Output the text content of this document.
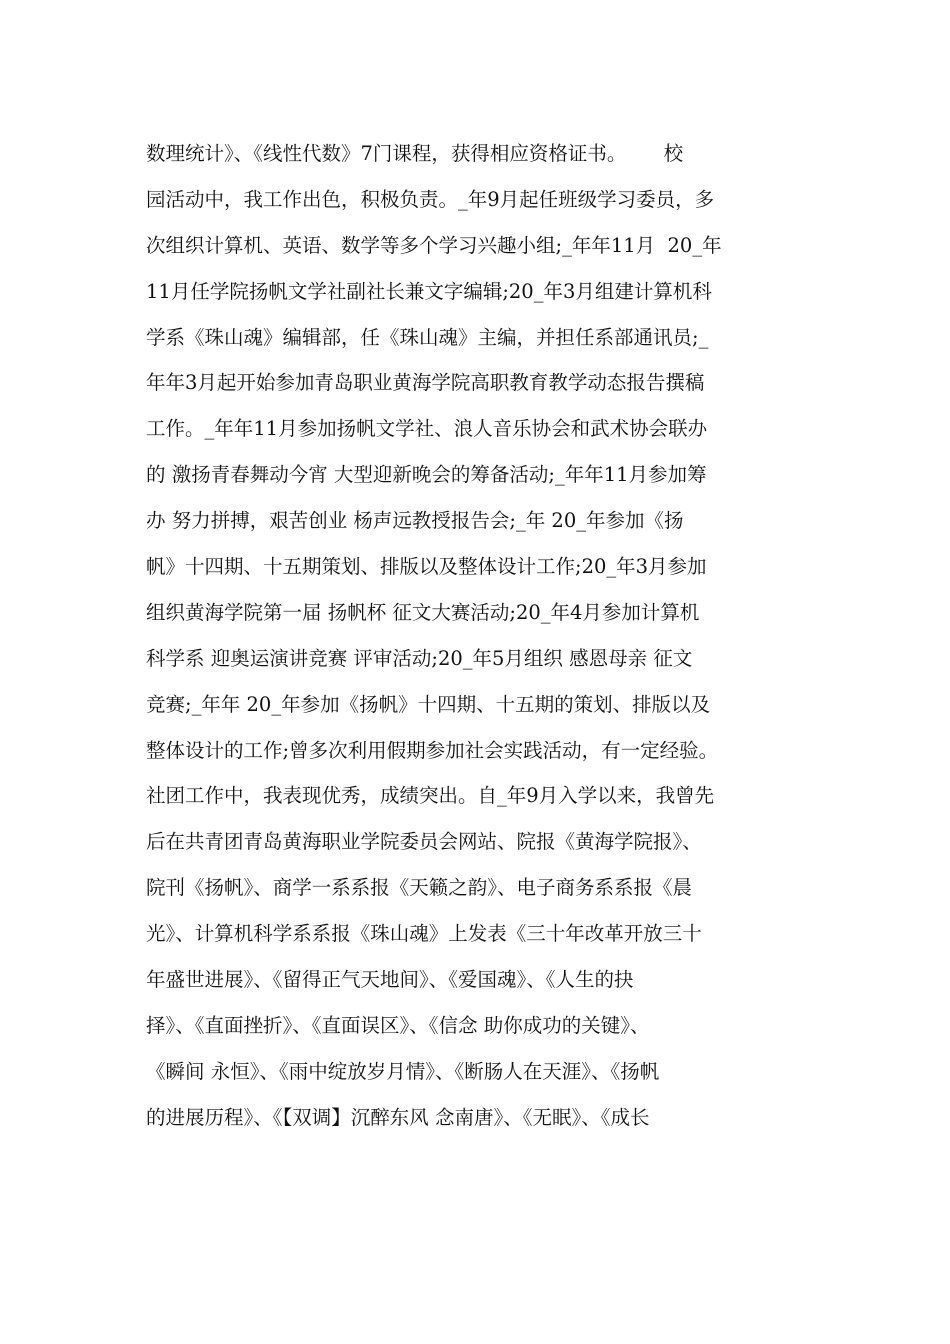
数理统计》、《线性代数》7门课程，获得相应资格证书。      校
园活动中，我工作出色，积极负责。_年9月起任班级学习委员，多
次组织计算机、英语、数学等多个学习兴趣小组;_年年11月  20_年
11月任学院扬帆文学社副社长兼文字编辑;20_年3月组建计算机科
学系《珠山魂》编辑部，任《珠山魂》主编，并担任系部通讯员;_
年年3月起开始参加青岛职业黄海学院高职教育教学动态报告撰稿
工作。_年年11月参加扬帆文学社、浪人音乐协会和武术协会联办
的 激扬青春舞动今宵 大型迎新晚会的筹备活动;_年年11月参加筹
办 努力拼搏，艰苦创业 杨声远教授报告会;_年 20_年参加《扬
帆》十四期、十五期策划、排版以及整体设计工作;20_年3月参加
组织黄海学院第一届 扬帆杯 征文大赛活动;20_年4月参加计算机
科学系 迎奥运演讲竞赛 评审活动;20_年5月组织 感恩母亲 征文
竞赛;_年年 20_年参加《扬帆》十四期、十五期的策划、排版以及
整体设计的工作;曾多次利用假期参加社会实践活动，有一定经验。
社团工作中，我表现优秀，成绩突出。自_年9月入学以来，我曾先
后在共青团青岛黄海职业学院委员会网站、院报《黄海学院报》、
院刊《扬帆》、商学一系系报《天籁之韵》、电子商务系系报《晨
光》、计算机科学系系报《珠山魂》上发表《三十年改革开放三十
年盛世进展》、《留得正气天地间》、《爱国魂》、《人生的抉
择》、《直面挫折》、《直面误区》、《信念 助你成功的关键》、
《瞬间 永恒》、《雨中绽放岁月情》、《断肠人在天涯》、《扬帆
的进展历程》、《【双调】沉醉东风 念南唐》、《无眠》、《成长
